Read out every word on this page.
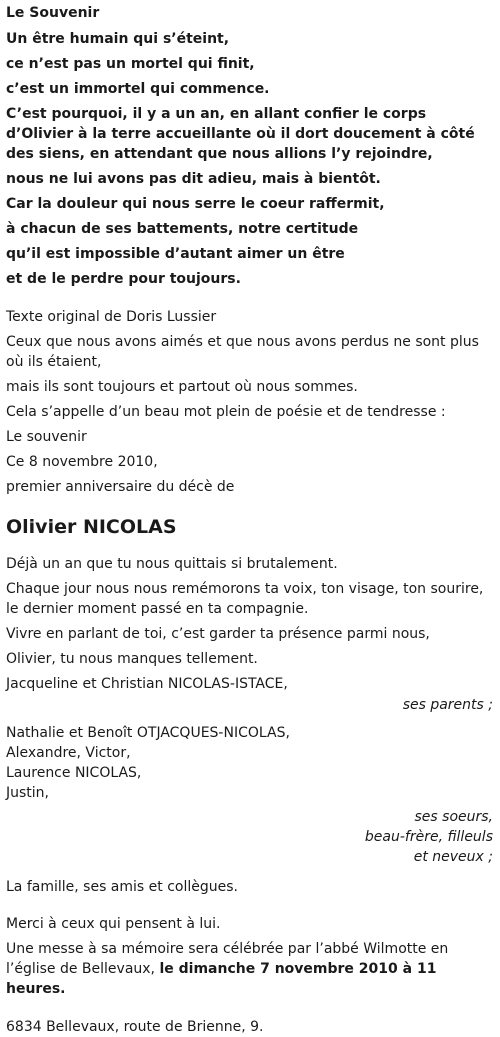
Le Souvenir

Un être humain qui s’éteint,

ce n’est pas un mortel qui finit,

c’est un immortel qui commence.

C’est pourquoi, il y a un an, en allant confier le corps d’Olivier à la terre accueillante où il dort doucement à côté des siens, en attendant que nous allions l’y rejoindre,

nous ne lui avons pas dit adieu, mais à bientôt.

Car la douleur qui nous serre le coeur raffermit,

à chacun de ses battements, notre certitude

qu’il est impossible d’autant aimer un être

et de le perdre pour toujours.

Texte original de Doris Lussier

Ceux que nous avons aimés et que nous avons perdus ne sont plus où ils étaient,

mais ils sont toujours et partout où nous sommes.

Cela s’appelle d’un beau mot plein de poésie et de tendresse :

Le souvenir

Ce 8 novembre 2010,

premier anniversaire du décè de

Olivier NICOLAS

Déjà un an que tu nous quittais si brutalement.

Chaque jour nous nous remémorons ta voix, ton visage, ton sourire, le dernier moment passé en ta compagnie.

Vivre en parlant de toi, c’est garder ta présence parmi nous,

Olivier, tu nous manques tellement.

Jacqueline et Christian NICOLAS-ISTACE,

ses parents ;

Nathalie et Benoît OTJACQUES-NICOLAS,

Alexandre, Victor,

Laurence NICOLAS,

Justin,

ses soeurs,

beau-frère, filleuls

et neveux ;

La famille, ses amis et collègues.

Merci à ceux qui pensent à lui.

Une messe à sa mémoire sera célébrée par l’abbé Wilmotte en l’église de Bellevaux, le dimanche 7 novembre 2010 à 11 heures.

6834 Bellevaux, route de Brienne, 9.
